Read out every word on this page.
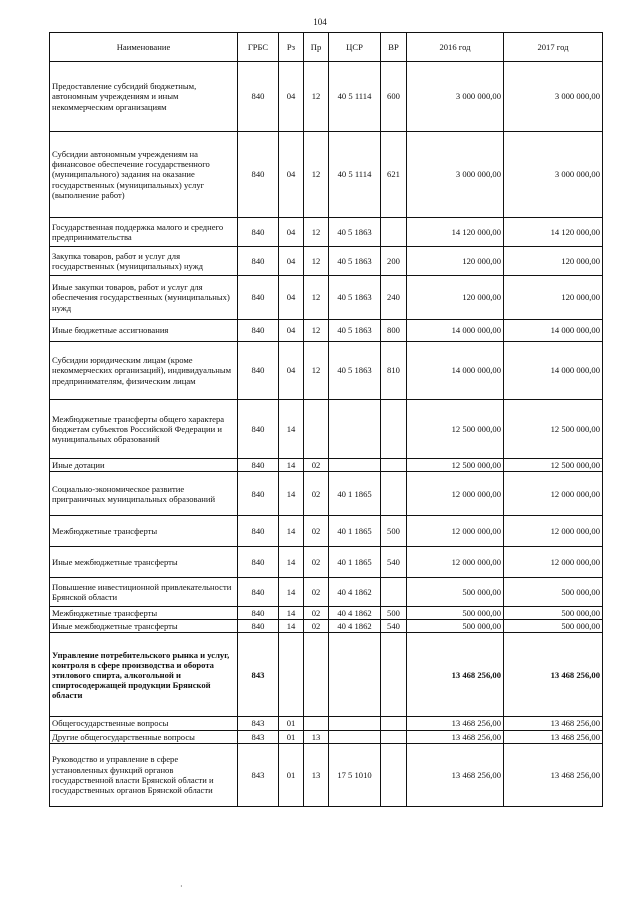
104
Наименование	ГРБС	Рз	Пр	ЦСР	ВР	2016 год	2017 год
Предоставление субсидий бюджетным, автономным учреждениям и иным некоммерческим организациям	840	04	12	40 5 1114	600	3 000 000,00	3 000 000,00
Субсидии автономным учреждениям на финансовое обеспечение государственного (муниципального) задания на оказание государственных (муниципальных) услуг (выполнение работ)	840	04	12	40 5 1114	621	3 000 000,00	3 000 000,00
Государственная поддержка малого и среднего предпринимательства	840	04	12	40 5 1863		14 120 000,00	14 120 000,00
Закупка товаров, работ и услуг для государственных (муниципальных) нужд	840	04	12	40 5 1863	200	120 000,00	120 000,00
Иные закупки товаров, работ и услуг для обеспечения государственных (муниципальных) нужд	840	04	12	40 5 1863	240	120 000,00	120 000,00
Иные бюджетные ассигнования	840	04	12	40 5 1863	800	14 000 000,00	14 000 000,00
Субсидии юридическим лицам (кроме некоммерческих организаций), индивидуальным предпринимателям, физическим лицам	840	04	12	40 5 1863	810	14 000 000,00	14 000 000,00
Межбюджетные трансферты общего характера бюджетам субъектов Российской Федерации и муниципальных образований	840	14				12 500 000,00	12 500 000,00
Иные дотации	840	14	02			12 500 000,00	12 500 000,00
Социально-экономическое развитие приграничных муниципальных образований	840	14	02	40 1 1865		12 000 000,00	12 000 000,00
Межбюджетные трансферты	840	14	02	40 1 1865	500	12 000 000,00	12 000 000,00
Иные межбюджетные трансферты	840	14	02	40 1 1865	540	12 000 000,00	12 000 000,00
Повышение инвестиционной привлекательности Брянской области	840	14	02	40 4 1862		500 000,00	500 000,00
Межбюджетные трансферты	840	14	02	40 4 1862	500	500 000,00	500 000,00
Иные межбюджетные трансферты	840	14	02	40 4 1862	540	500 000,00	500 000,00
Управление потребительского рынка и услуг, контроля в сфере производства и оборота этилового спирта, алкогольной и спиртосодержащей продукции Брянской области	843					13 468 256,00	13 468 256,00
Общегосударственные вопросы	843	01				13 468 256,00	13 468 256,00
Другие общегосударственные вопросы	843	01	13			13 468 256,00	13 468 256,00
Руководство и управление в сфере установленных функций органов государственной власти Брянской области и государственных органов Брянской области	843	01	13	17 5 1010		13 468 256,00	13 468 256,00
·
